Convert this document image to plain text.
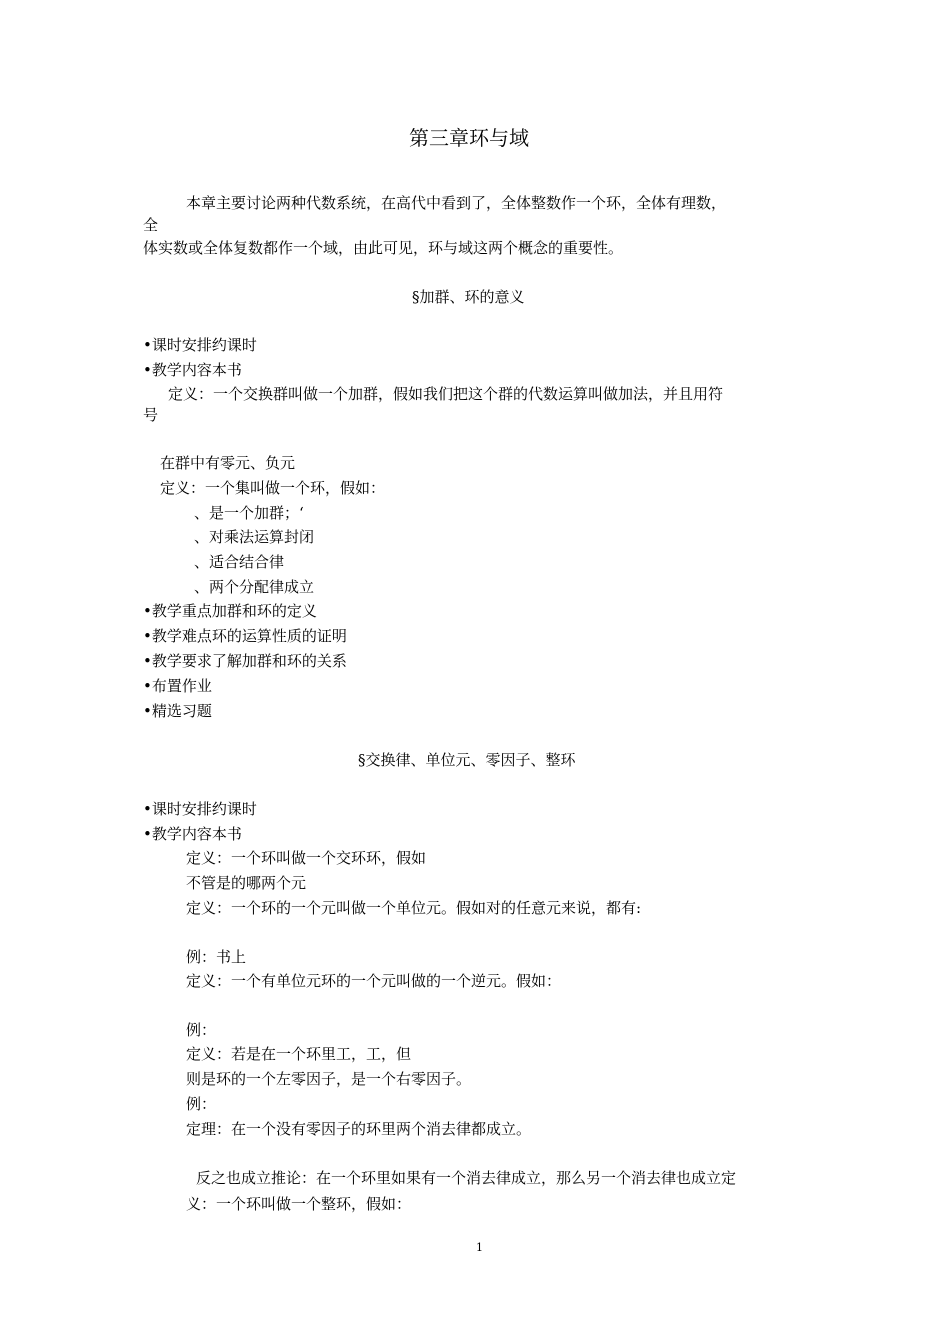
第三章环与域
本章主要讨论两种代数系统，在高代中看到了，全体整数作一个环，全体有理数，
全
体实数或全体复数都作一个域，由此可见，环与域这两个概念的重要性。
§加群、环的意义
•课时安排约课时
•教学内容本书
定义：一个交换群叫做一个加群，假如我们把这个群的代数运算叫做加法，并且用符
号
在群中有零元、负元
定义：一个集叫做一个环，假如：
、是一个加群；‘
、对乘法运算封闭
、适合结合律
、两个分配律成立
•教学重点加群和环的定义
•教学难点环的运算性质的证明
•教学要求了解加群和环的关系
•布置作业
•精选习题
§交换律、单位元、零因子、整环
•课时安排约课时
•教学内容本书
定义：一个环叫做一个交环环，假如
不管是的哪两个元
定义：一个环的一个元叫做一个单位元。假如对的任意元来说，都有:
例：书上
定义：一个有单位元环的一个元叫做的一个逆元。假如：
例：
定义：若是在一个环里工，工，但
则是环的一个左零因子，是一个右零因子。
例：
定理：在一个没有零因子的环里两个消去律都成立。
反之也成立推论：在一个环里如果有一个消去律成立，那么另一个消去律也成立定
义：一个环叫做一个整环，假如：
1
